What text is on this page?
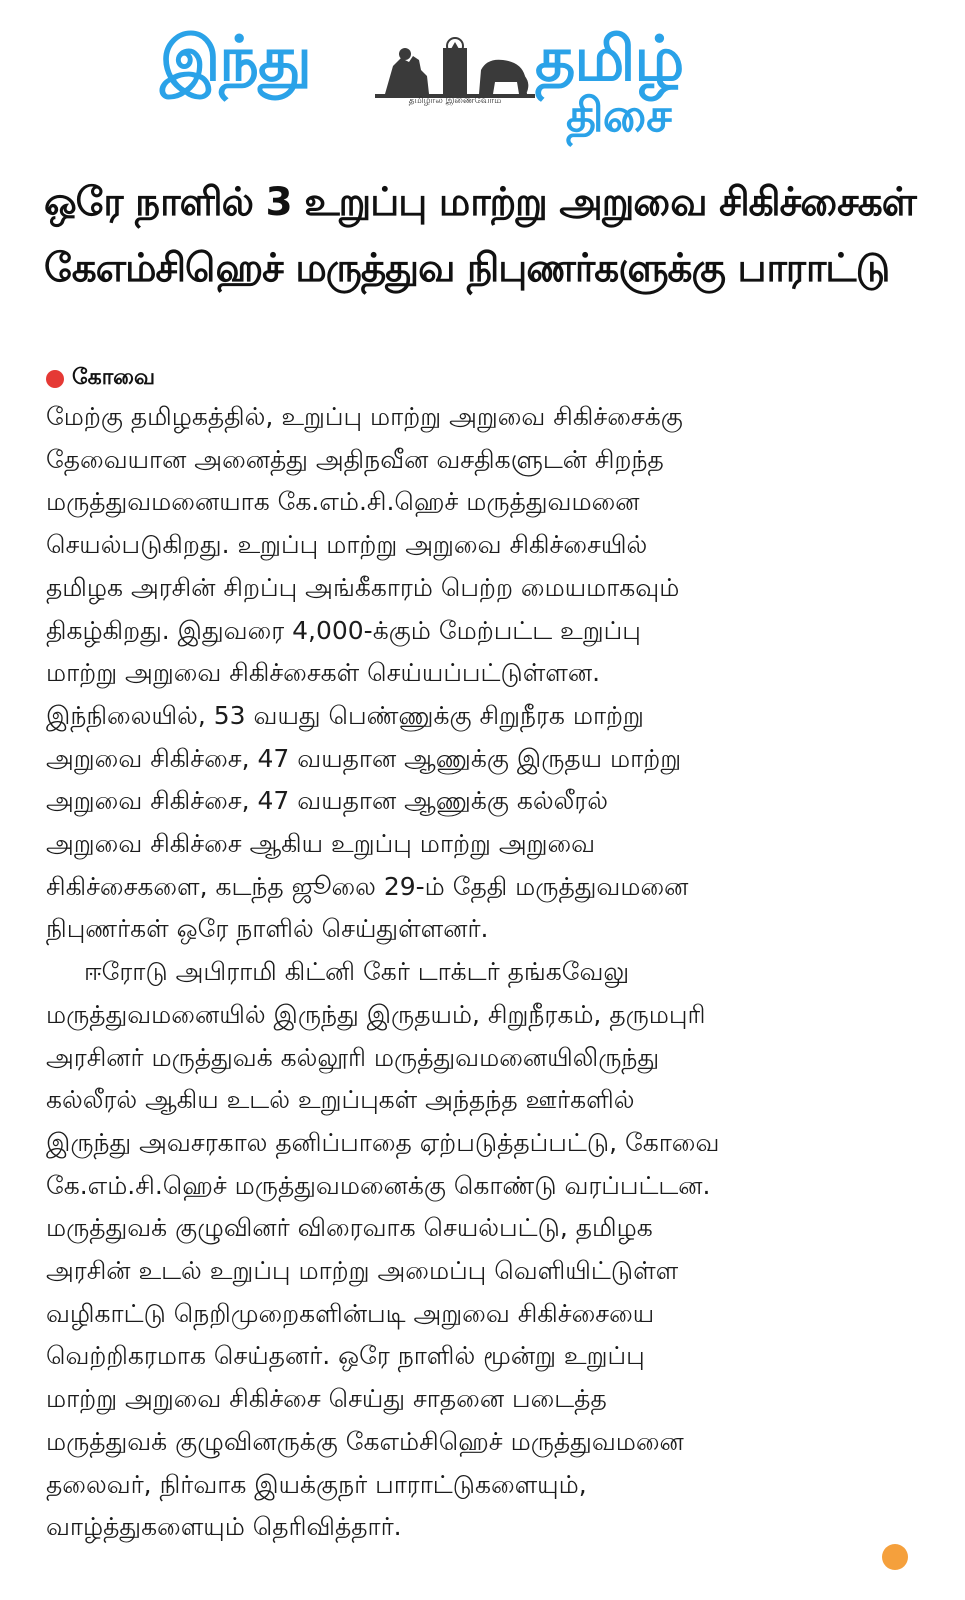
இந்து
தமிழால் இணைவோம்
தமிழ்
திசை
ஒரே நாளில் 3 உறுப்பு மாற்று அறுவை சிகிச்சைகள்
கேஎம்சிஹெச் மருத்துவ நிபுணர்களுக்கு பாராட்டு
கோவை

மேற்கு தமிழகத்தில், உறுப்பு மாற்று அறுவை சிகிச்சைக்கு
தேவையான அனைத்து அதிநவீன வசதிகளுடன் சிறந்த
மருத்துவமனையாக கே.எம்.சி.ஹெச் மருத்துவமனை
செயல்படுகிறது. உறுப்பு மாற்று அறுவை சிகிச்சையில்
தமிழக அரசின் சிறப்பு அங்கீகாரம் பெற்ற மையமாகவும்
திகழ்கிறது. இதுவரை 4,000-க்கும் மேற்பட்ட உறுப்பு
மாற்று அறுவை சிகிச்சைகள் செய்யப்பட்டுள்ளன.
இந்நிலையில், 53 வயது பெண்ணுக்கு சிறுநீரக மாற்று
அறுவை சிகிச்சை, 47 வயதான ஆணுக்கு இருதய மாற்று
அறுவை சிகிச்சை, 47 வயதான ஆணுக்கு கல்லீரல்
அறுவை சிகிச்சை ஆகிய உறுப்பு மாற்று அறுவை
சிகிச்சைகளை, கடந்த ஜூலை 29-ம் தேதி மருத்துவமனை
நிபுணர்கள் ஒரே நாளில் செய்துள்ளனர்.

ஈரோடு அபிராமி கிட்னி கேர் டாக்டர் தங்கவேலு
மருத்துவமனையில் இருந்து இருதயம், சிறுநீரகம், தருமபுரி
அரசினர் மருத்துவக் கல்லூரி மருத்துவமனையிலிருந்து
கல்லீரல் ஆகிய உடல் உறுப்புகள் அந்தந்த ஊர்களில்
இருந்து அவசரகால தனிப்பாதை ஏற்படுத்தப்பட்டு, கோவை
கே.எம்.சி.ஹெச் மருத்துவமனைக்கு கொண்டு வரப்பட்டன.
மருத்துவக் குழுவினர் விரைவாக செயல்பட்டு, தமிழக
அரசின் உடல் உறுப்பு மாற்று அமைப்பு வெளியிட்டுள்ள
வழிகாட்டு நெறிமுறைகளின்படி அறுவை சிகிச்சையை
வெற்றிகரமாக செய்தனர். ஒரே நாளில் மூன்று உறுப்பு
மாற்று அறுவை சிகிச்சை செய்து சாதனை படைத்த
மருத்துவக் குழுவினருக்கு கேஎம்சிஹெச் மருத்துவமனை
தலைவர், நிர்வாக இயக்குநர் பாராட்டுகளையும்,
வாழ்த்துகளையும் தெரிவித்தார்.
